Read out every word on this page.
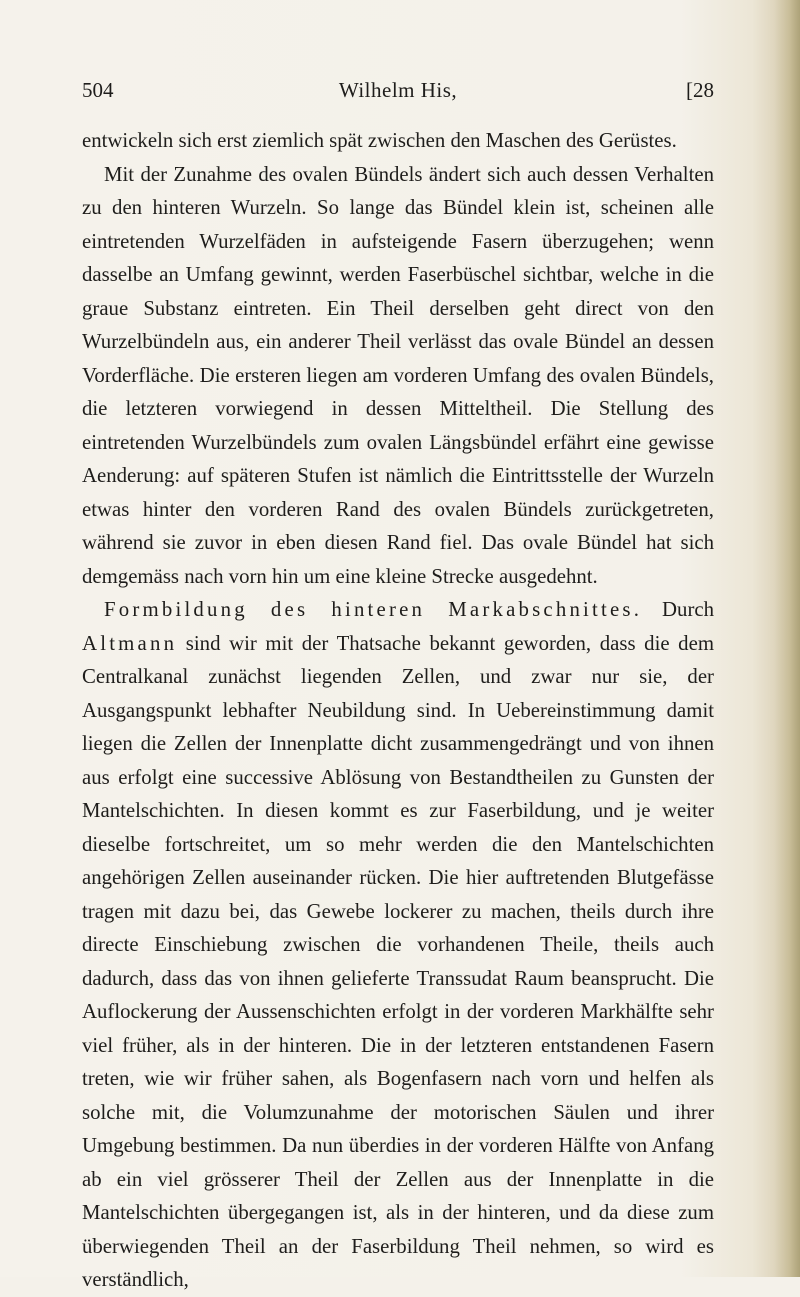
504	Wilhelm His,	[28

entwickeln sich erst ziemlich spät zwischen den Maschen des Gerüstes.

Mit der Zunahme des ovalen Bündels ändert sich auch dessen Verhalten zu den hinteren Wurzeln. So lange das Bündel klein ist, scheinen alle eintretenden Wurzelfäden in aufsteigende Fasern überzugehen; wenn dasselbe an Umfang gewinnt, werden Faserbüschel sichtbar, welche in die graue Substanz eintreten. Ein Theil derselben geht direct von den Wurzelbündeln aus, ein anderer Theil verlässt das ovale Bündel an dessen Vorderfläche. Die ersteren liegen am vorderen Umfang des ovalen Bündels, die letzteren vorwiegend in dessen Mitteltheil. Die Stellung des eintretenden Wurzelbündels zum ovalen Längsbündel erfährt eine gewisse Aenderung: auf späteren Stufen ist nämlich die Eintrittsstelle der Wurzeln etwas hinter den vorderen Rand des ovalen Bündels zurückgetreten, während sie zuvor in eben diesen Rand fiel. Das ovale Bündel hat sich demgemäss nach vorn hin um eine kleine Strecke ausgedehnt.

Formbildung des hinteren Markabschnittes. Durch Altmann sind wir mit der Thatsache bekannt geworden, dass die dem Centralkanal zunächst liegenden Zellen, und zwar nur sie, der Ausgangspunkt lebhafter Neubildung sind. In Uebereinstimmung damit liegen die Zellen der Innenplatte dicht zusammengedrängt und von ihnen aus erfolgt eine successive Ablösung von Bestandtheilen zu Gunsten der Mantelschichten. In diesen kommt es zur Faserbildung, und je weiter dieselbe fortschreitet, um so mehr werden die den Mantelschichten angehörigen Zellen auseinander rücken. Die hier auftretenden Blutgefässe tragen mit dazu bei, das Gewebe lockerer zu machen, theils durch ihre directe Einschiebung zwischen die vorhandenen Theile, theils auch dadurch, dass das von ihnen gelieferte Transsudat Raum beansprucht. Die Auflockerung der Aussenschichten erfolgt in der vorderen Markhälfte sehr viel früher, als in der hinteren. Die in der letzteren entstandenen Fasern treten, wie wir früher sahen, als Bogenfasern nach vorn und helfen als solche mit, die Volumzunahme der motorischen Säulen und ihrer Umgebung bestimmen. Da nun überdies in der vorderen Hälfte von Anfang ab ein viel grösserer Theil der Zellen aus der Innenplatte in die Mantelschichten übergegangen ist, als in der hinteren, und da diese zum überwiegenden Theil an der Faserbildung Theil nehmen, so wird es verständlich,
